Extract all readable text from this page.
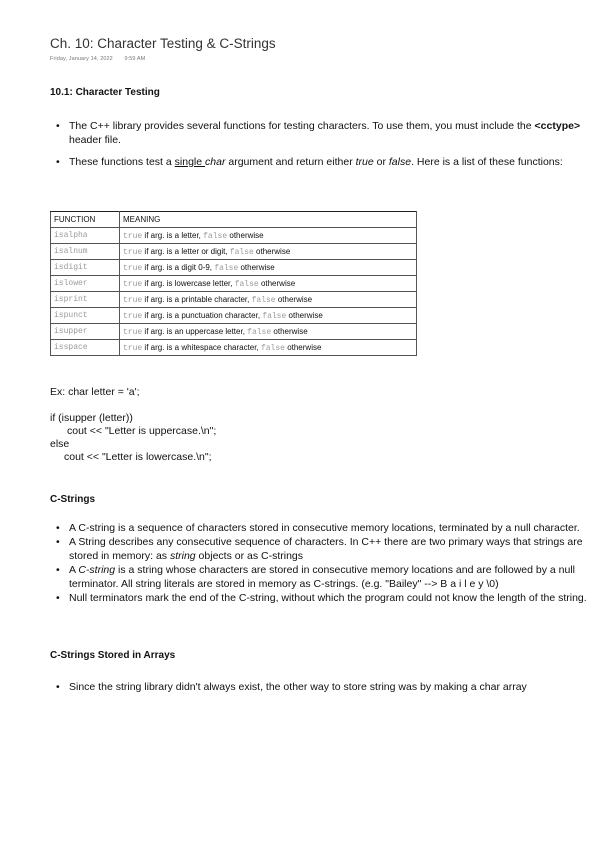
Ch. 10: Character Testing & C-Strings
Friday, January 14, 2022 9:59 AM
10.1: Character Testing
• The C++ library provides several functions for testing characters. To use them, you must include the <cctype> header file.
• These functions test a single char argument and return either true or false. Here is a list of these functions:
FUNCTION	MEANING
isalpha	true if arg. is a letter, false otherwise
isalnum	true if arg. is a letter or digit, false otherwise
isdigit	true if arg. is a digit 0-9, false otherwise
islower	true if arg. is lowercase letter, false otherwise
isprint	true if arg. is a printable character, false otherwise
ispunct	true if arg. is a punctuation character, false otherwise
isupper	true if arg. is an uppercase letter, false otherwise
isspace	true if arg. is a whitespace character, false otherwise
Ex: char letter = 'a';
if (isupper (letter))
cout << "Letter is uppercase.\n";
else
cout << "Letter is lowercase.\n";
C-Strings
• A C-string is a sequence of characters stored in consecutive memory locations, terminated by a null character.
• A String describes any consecutive sequence of characters. In C++ there are two primary ways that strings are stored in memory: as string objects or as C-strings
• A C-string is a string whose characters are stored in consecutive memory locations and are followed by a null terminator. All string literals are stored in memory as C-strings. (e.g. "Bailey" --> B a i l e y \0)
• Null terminators mark the end of the C-string, without which the program could not know the length of the string.
C-Strings Stored in Arrays
• Since the string library didn't always exist, the other way to store string was by making a char array
